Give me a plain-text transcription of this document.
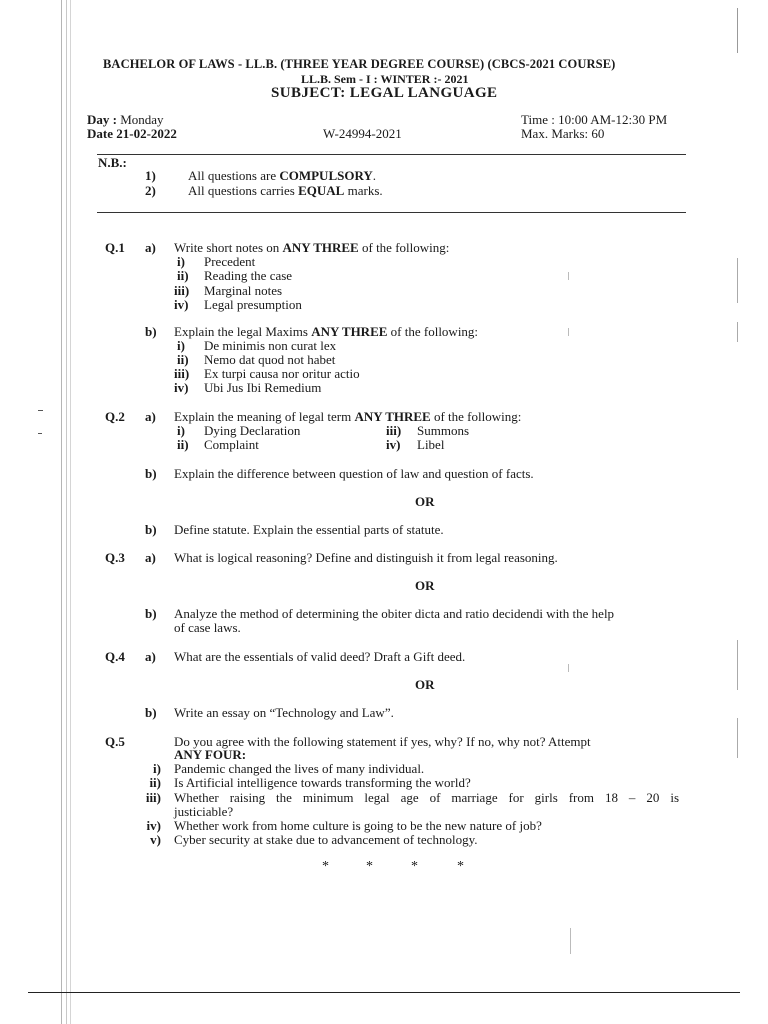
BACHELOR OF LAWS - LL.B. (THREE YEAR DEGREE COURSE) (CBCS-2021 COURSE)
LL.B. Sem - I : WINTER :- 2021
SUBJECT: LEGAL LANGUAGE
Day : Monday
Date 21-02-2022	W-24994-2021
Time : 10:00 AM-12:30 PM
Max. Marks: 60
N.B.:
1) All questions are COMPULSORY.
2) All questions carries EQUAL marks.
Q.1 a) Write short notes on ANY THREE of the following:
i) Precedent
ii) Reading the case
iii) Marginal notes
iv) Legal presumption
b) Explain the legal Maxims ANY THREE of the following:
i) De minimis non curat lex
ii) Nemo dat quod not habet
iii) Ex turpi causa nor oritur actio
iv) Ubi Jus Ibi Remedium
Q.2 a) Explain the meaning of legal term ANY THREE of the following:
i) Dying Declaration
ii) Complaint
iii) Summons
iv) Libel
b) Explain the difference between question of law and question of facts.
OR
b) Define statute. Explain the essential parts of statute.
Q.3 a) What is logical reasoning? Define and distinguish it from legal reasoning.
OR
b) Analyze the method of determining the obiter dicta and ratio decidendi with the help
of case laws.
Q.4 a) What are the essentials of valid deed? Draft a Gift deed.
OR
b) Write an essay on “Technology and Law”.
Q.5	Do you agree with the following statement if yes, why? If no, why not? Attempt
ANY FOUR:
i) Pandemic changed the lives of many individual.
ii) Is Artificial intelligence towards transforming the world?
iii) Whether raising the minimum legal age of marriage for girls from 18 – 20 is
justiciable?
iv) Whether work from home culture is going to be the new nature of job?
v) Cyber security at stake due to advancement of technology.
*	*	*	*
